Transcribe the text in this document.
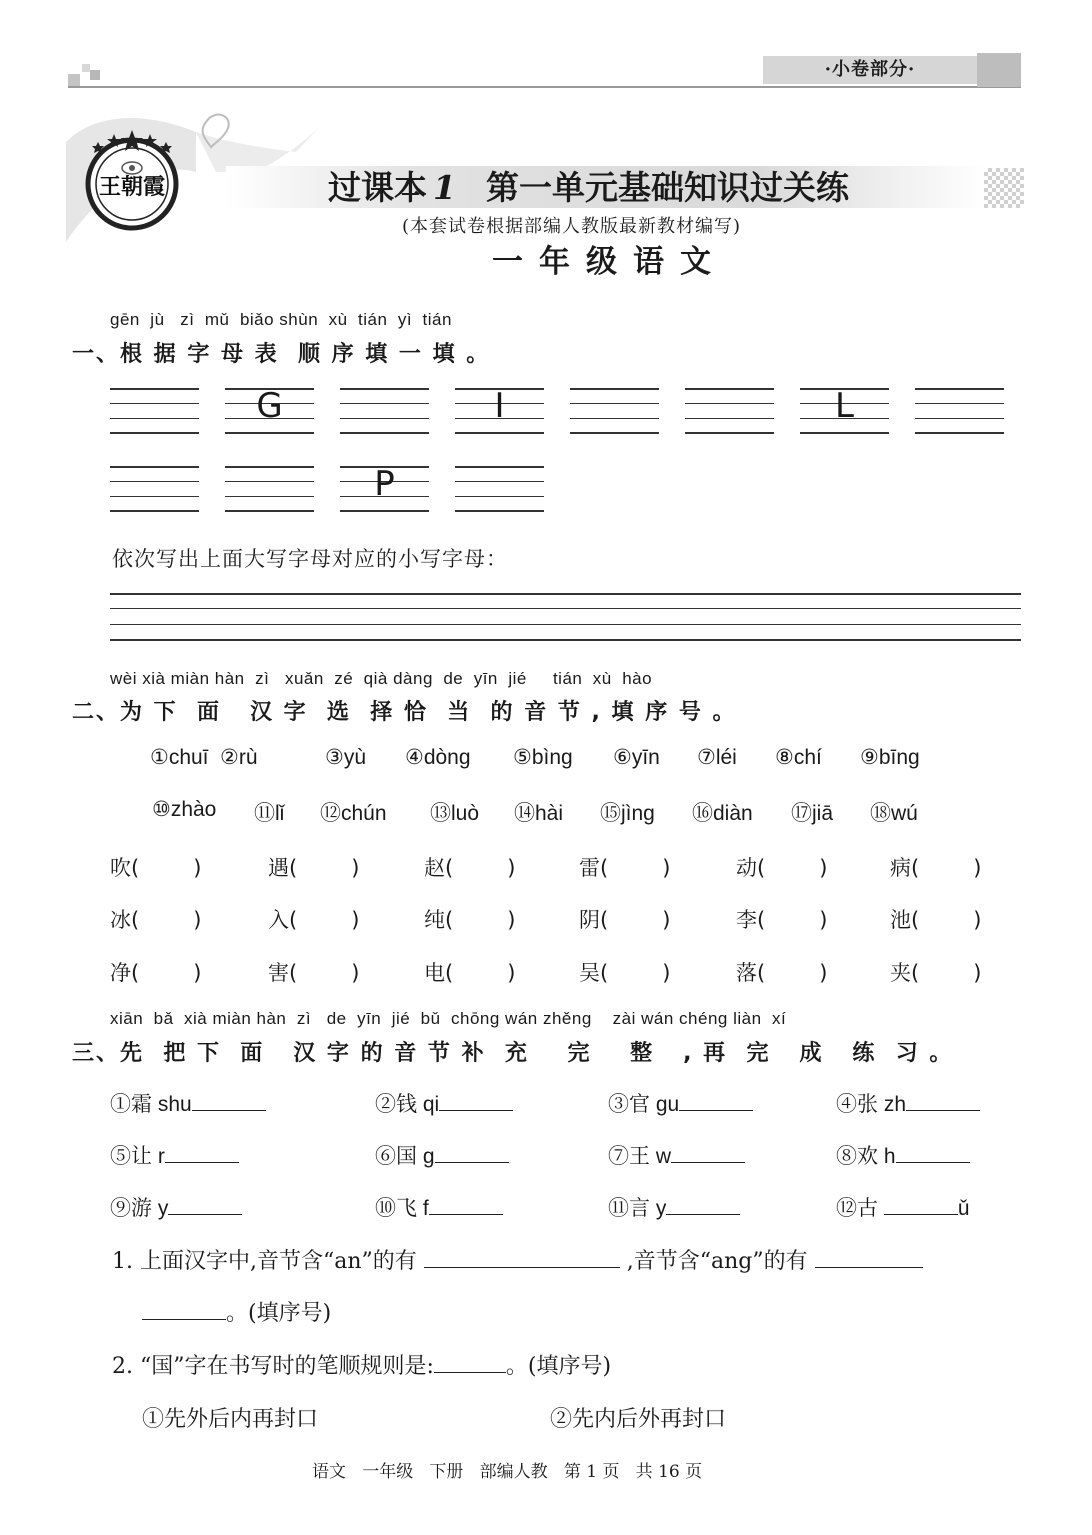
·小卷部分·
王朝霞	过课本 1 第一单元基础知识过关练
(本套试卷根据部编人教版最新教材编写)
一年级语文
gēn  jù   zì  mǔ  biǎo shùn  xù  tián  yì  tián
一、根 据 字 母 表  顺 序 填 一 填 。
G	I	L
P
依次写出上面大写字母对应的小写字母：
wèi xià miàn hàn  zì   xuǎn  zé  qià dàng  de  yīn  jié     tián  xù  hào
二、为 下  面   汉 字  选  择 恰  当  的 音 节 , 填 序 号 。
①chuī ②rù	③yù ④dòng ⑤bìng ⑥yīn ⑦léi ⑧chí ⑨bīng
⑩zhào ⑪lǐ ⑫chún ⑬luò ⑭hài ⑮jìng ⑯diàn ⑰jiā ⑱wú
吹(	)	遇(	)	赵(	)	雷(	)	动(	)	病(	)
冰(	)	入(	)	纯(	)	阴(	)	李(	)	池(	)
净(	)	害(	)	电(	)	吴(	)	落(	)	夹(	)
xiān  bǎ  xià miàn hàn  zì   de  yīn  jié  bǔ  chōng wán zhěng    zài wán chéng liàn  xí
三、先  把 下  面   汉 字 的 音 节 补  充    完    整   , 再  完   成   练  习 。
①霜 shu	②钱 qi	③官 gu	④张 zh
⑤让 r	⑥国 g	⑦王 w	⑧欢 h
⑨游 y	⑩飞 f	⑪言 y	⑫古	ǔ
1. 上面汉字中,音节含“an”的有	,音节含“ang”的有
。(填序号)
2. “国”字在书写时的笔顺规则是:	。(填序号)
①先外后内再封口	②先内后外再封口
语文   一年级   下册   部编人教   第 1 页   共 16 页
